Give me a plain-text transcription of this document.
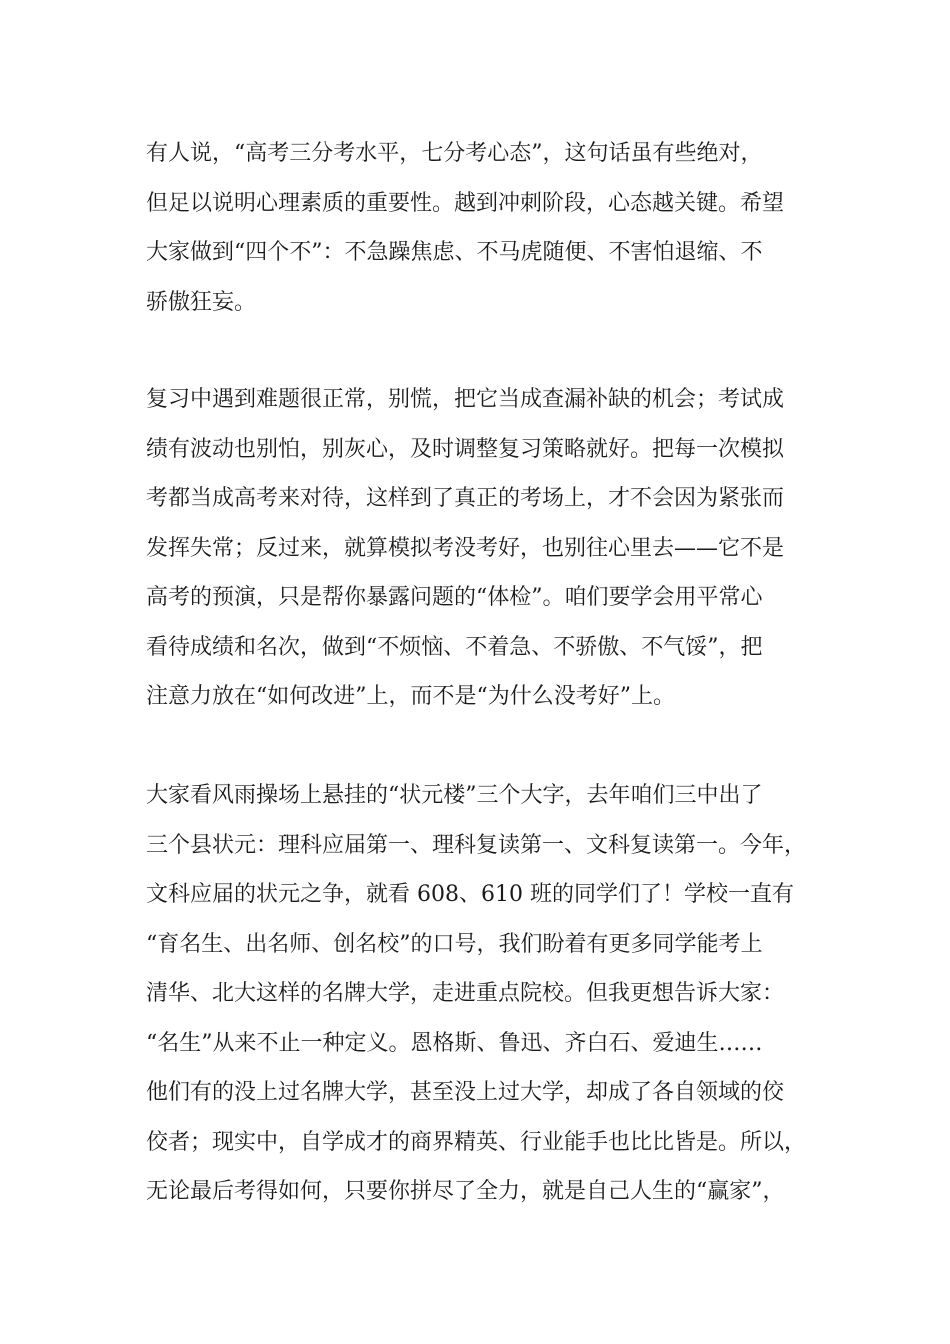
有人说，“高考三分考水平，七分考心态”，这句话虽有些绝对，
但足以说明心理素质的重要性。越到冲刺阶段，心态越关键。希望
大家做到“四个不”：不急躁焦虑、不马虎随便、不害怕退缩、不
骄傲狂妄。

复习中遇到难题很正常，别慌，把它当成查漏补缺的机会；考试成
绩有波动也别怕，别灰心，及时调整复习策略就好。把每一次模拟
考都当成高考来对待，这样到了真正的考场上，才不会因为紧张而
发挥失常；反过来，就算模拟考没考好，也别往心里去——它不是
高考的预演，只是帮你暴露问题的“体检”。咱们要学会用平常心
看待成绩和名次，做到“不烦恼、不着急、不骄傲、不气馁”，把
注意力放在“如何改进”上，而不是“为什么没考好”上。

大家看风雨操场上悬挂的“状元楼”三个大字，去年咱们三中出了
三个县状元：理科应届第一、理科复读第一、文科复读第一。今年，
文科应届的状元之争，就看 608、610 班的同学们了！学校一直有
“育名生、出名师、创名校”的口号，我们盼着有更多同学能考上
清华、北大这样的名牌大学，走进重点院校。但我更想告诉大家：
“名生”从来不止一种定义。恩格斯、鲁迅、齐白石、爱迪生……
他们有的没上过名牌大学，甚至没上过大学，却成了各自领域的佼
佼者；现实中，自学成才的商界精英、行业能手也比比皆是。所以，
无论最后考得如何，只要你拼尽了全力，就是自己人生的“赢家”，
